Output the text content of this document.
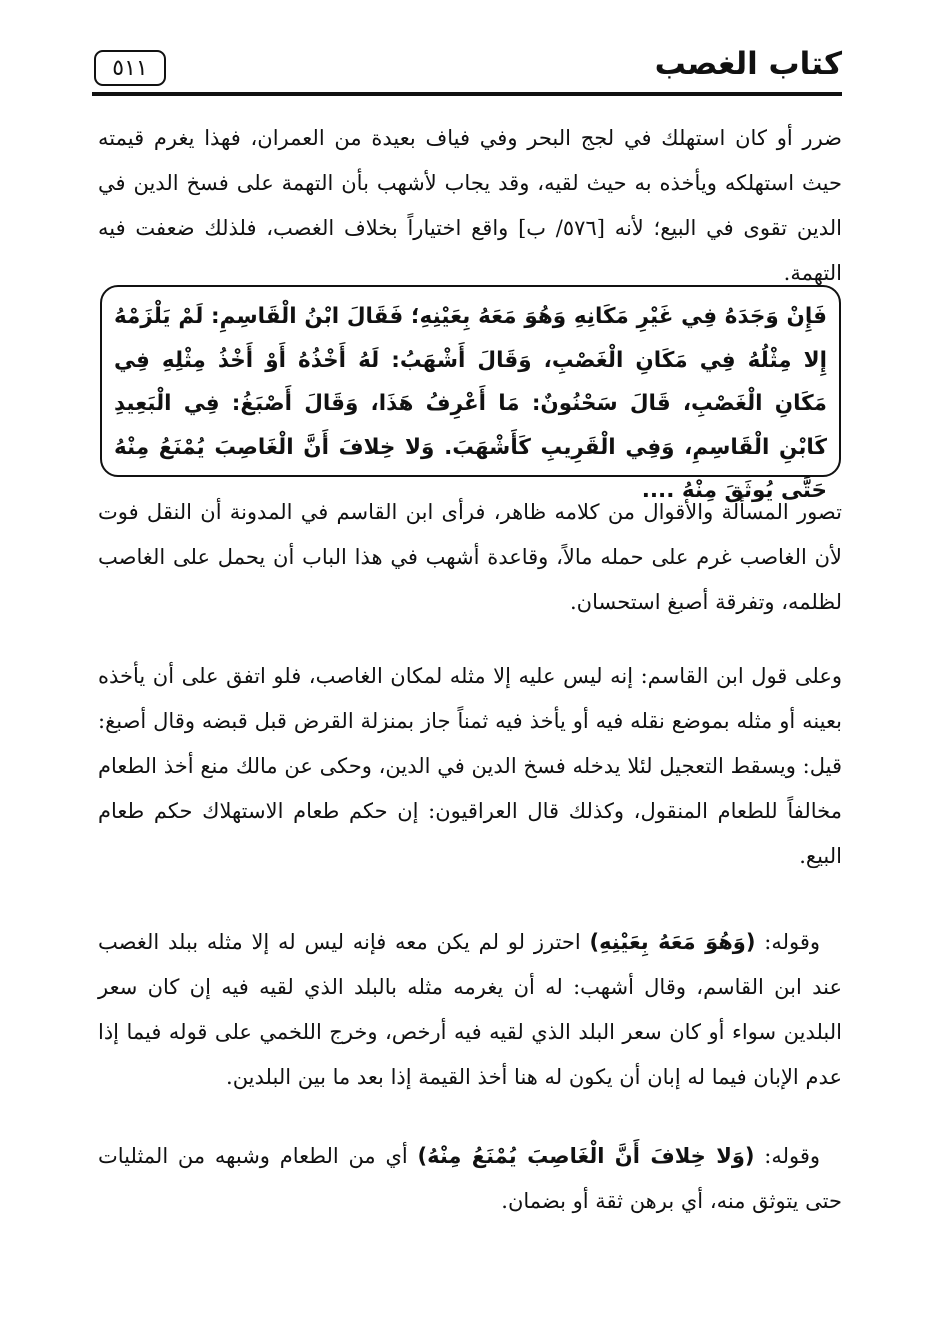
كتاب الغصب
٥١١

ضرر أو كان استهلك في لجج البحر وفي فياف بعيدة من العمران، فهذا يغرم قيمته حيث استهلكه ويأخذه به حيث لقيه، وقد يجاب لأشهب بأن التهمة على فسخ الدين في الدين تقوى في البيع؛ لأنه [٥٧٦/ ب] واقع اختياراً بخلاف الغصب، فلذلك ضعفت فيه التهمة.

فَإِنْ وَجَدَهُ فِي غَيْرِ مَكَانِهِ وَهُوَ مَعَهُ بِعَيْنِهِ؛ فَقَالَ ابْنُ الْقَاسِمِ: لَمْ يَلْزَمْهُ إِلا مِثْلُهُ فِي مَكَانِ الْغَصْبِ، وَقَالَ أَشْهَبُ: لَهُ أَخْذُهُ أَوْ أَخْذُ مِثْلِهِ فِي مَكَانِ الْغَصْبِ، قَالَ سَحْنُونٌ: مَا أَعْرِفُ هَذَا، وَقَالَ أَصْبَغُ: فِي الْبَعِيدِ كَابْنِ الْقَاسِمِ، وَفِي الْقَرِيبِ كَأَشْهَبَ. وَلا خِلافَ أَنَّ الْغَاصِبَ يُمْنَعُ مِنْهُ حَتَّى يُوثَقَ مِنْهُ ....

تصور المسألة والأقوال من كلامه ظاهر، فرأى ابن القاسم في المدونة أن النقل فوت لأن الغاصب غرم على حمله مالاً، وقاعدة أشهب في هذا الباب أن يحمل على الغاصب لظلمه، وتفرقة أصبغ استحسان.

وعلى قول ابن القاسم: إنه ليس عليه إلا مثله لمكان الغاصب، فلو اتفق على أن يأخذه بعينه أو مثله بموضع نقله فيه أو يأخذ فيه ثمناً جاز بمنزلة القرض قبل قبضه وقال أصبغ: قيل: ويسقط التعجيل لئلا يدخله فسخ الدين في الدين، وحكى عن مالك منع أخذ الطعام مخالفاً للطعام المنقول، وكذلك قال العراقيون: إن حكم طعام الاستهلاك حكم طعام البيع.

وقوله: (وَهُوَ مَعَهُ بِعَيْنِهِ) احترز لو لم يكن معه فإنه ليس له إلا مثله ببلد الغصب عند ابن القاسم، وقال أشهب: له أن يغرمه مثله بالبلد الذي لقيه فيه إن كان سعر البلدين سواء أو كان سعر البلد الذي لقيه فيه أرخص، وخرج اللخمي على قوله فيما إذا عدم الإبان فيما له إبان أن يكون له هنا أخذ القيمة إذا بعد ما بين البلدين.

وقوله: (وَلا خِلافَ أَنَّ الْغَاصِبَ يُمْنَعُ مِنْهُ) أي من الطعام وشبهه من المثليات حتى يتوثق منه، أي برهن ثقة أو بضمان.
